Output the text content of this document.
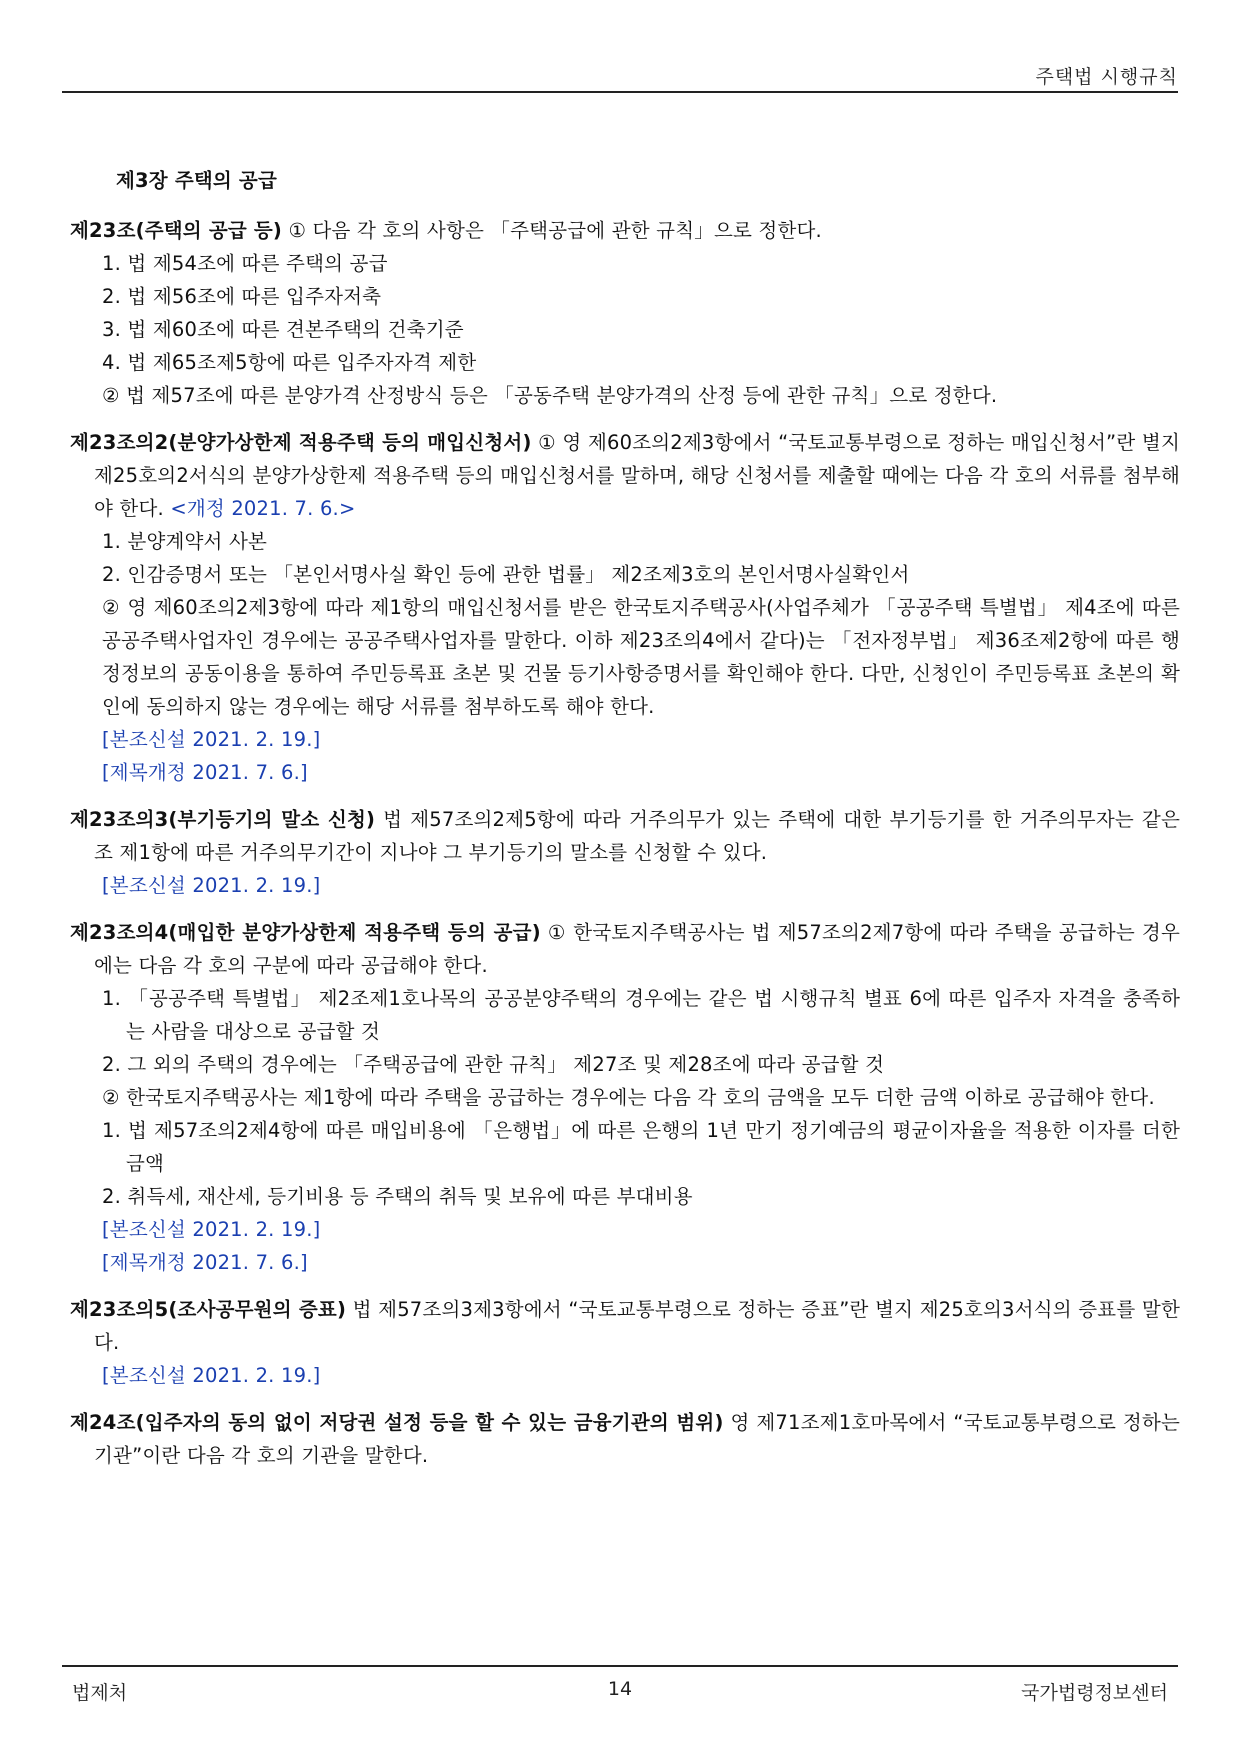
주택법 시행규칙
제3장 주택의 공급

제23조(주택의 공급 등) ① 다음 각 호의 사항은 「주택공급에 관한 규칙」으로 정한다.

1. 법 제54조에 따른 주택의 공급

2. 법 제56조에 따른 입주자저축

3. 법 제60조에 따른 견본주택의 건축기준

4. 법 제65조제5항에 따른 입주자자격 제한

② 법 제57조에 따른 분양가격 산정방식 등은 「공동주택 분양가격의 산정 등에 관한 규칙」으로 정한다.

제23조의2(분양가상한제 적용주택 등의 매입신청서) ① 영 제60조의2제3항에서 “국토교통부령으로 정하는 매입신청서”란 별지 제25호의2서식의 분양가상한제 적용주택 등의 매입신청서를 말하며, 해당 신청서를 제출할 때에는 다음 각 호의 서류를 첨부해야 한다. <개정 2021. 7. 6.>

1. 분양계약서 사본

2. 인감증명서 또는 「본인서명사실 확인 등에 관한 법률」 제2조제3호의 본인서명사실확인서

② 영 제60조의2제3항에 따라 제1항의 매입신청서를 받은 한국토지주택공사(사업주체가 「공공주택 특별법」 제4조에 따른 공공주택사업자인 경우에는 공공주택사업자를 말한다. 이하 제23조의4에서 같다)는 「전자정부법」 제36조제2항에 따른 행정정보의 공동이용을 통하여 주민등록표 초본 및 건물 등기사항증명서를 확인해야 한다. 다만, 신청인이 주민등록표 초본의 확인에 동의하지 않는 경우에는 해당 서류를 첨부하도록 해야 한다.

[본조신설 2021. 2. 19.]

[제목개정 2021. 7. 6.]

제23조의3(부기등기의 말소 신청) 법 제57조의2제5항에 따라 거주의무가 있는 주택에 대한 부기등기를 한 거주의무자는 같은 조 제1항에 따른 거주의무기간이 지나야 그 부기등기의 말소를 신청할 수 있다.

[본조신설 2021. 2. 19.]

제23조의4(매입한 분양가상한제 적용주택 등의 공급) ① 한국토지주택공사는 법 제57조의2제7항에 따라 주택을 공급하는 경우에는 다음 각 호의 구분에 따라 공급해야 한다.

1. 「공공주택 특별법」 제2조제1호나목의 공공분양주택의 경우에는 같은 법 시행규칙 별표 6에 따른 입주자 자격을 충족하는 사람을 대상으로 공급할 것

2. 그 외의 주택의 경우에는 「주택공급에 관한 규칙」 제27조 및 제28조에 따라 공급할 것

② 한국토지주택공사는 제1항에 따라 주택을 공급하는 경우에는 다음 각 호의 금액을 모두 더한 금액 이하로 공급해야 한다.

1. 법 제57조의2제4항에 따른 매입비용에 「은행법」에 따른 은행의 1년 만기 정기예금의 평균이자율을 적용한 이자를 더한 금액

2. 취득세, 재산세, 등기비용 등 주택의 취득 및 보유에 따른 부대비용

[본조신설 2021. 2. 19.]

[제목개정 2021. 7. 6.]

제23조의5(조사공무원의 증표) 법 제57조의3제3항에서 “국토교통부령으로 정하는 증표”란 별지 제25호의3서식의 증표를 말한다.

[본조신설 2021. 2. 19.]

제24조(입주자의 동의 없이 저당권 설정 등을 할 수 있는 금융기관의 범위) 영 제71조제1호마목에서 “국토교통부령으로 정하는 기관”이란 다음 각 호의 기관을 말한다.

법제처	14	국가법령정보센터
